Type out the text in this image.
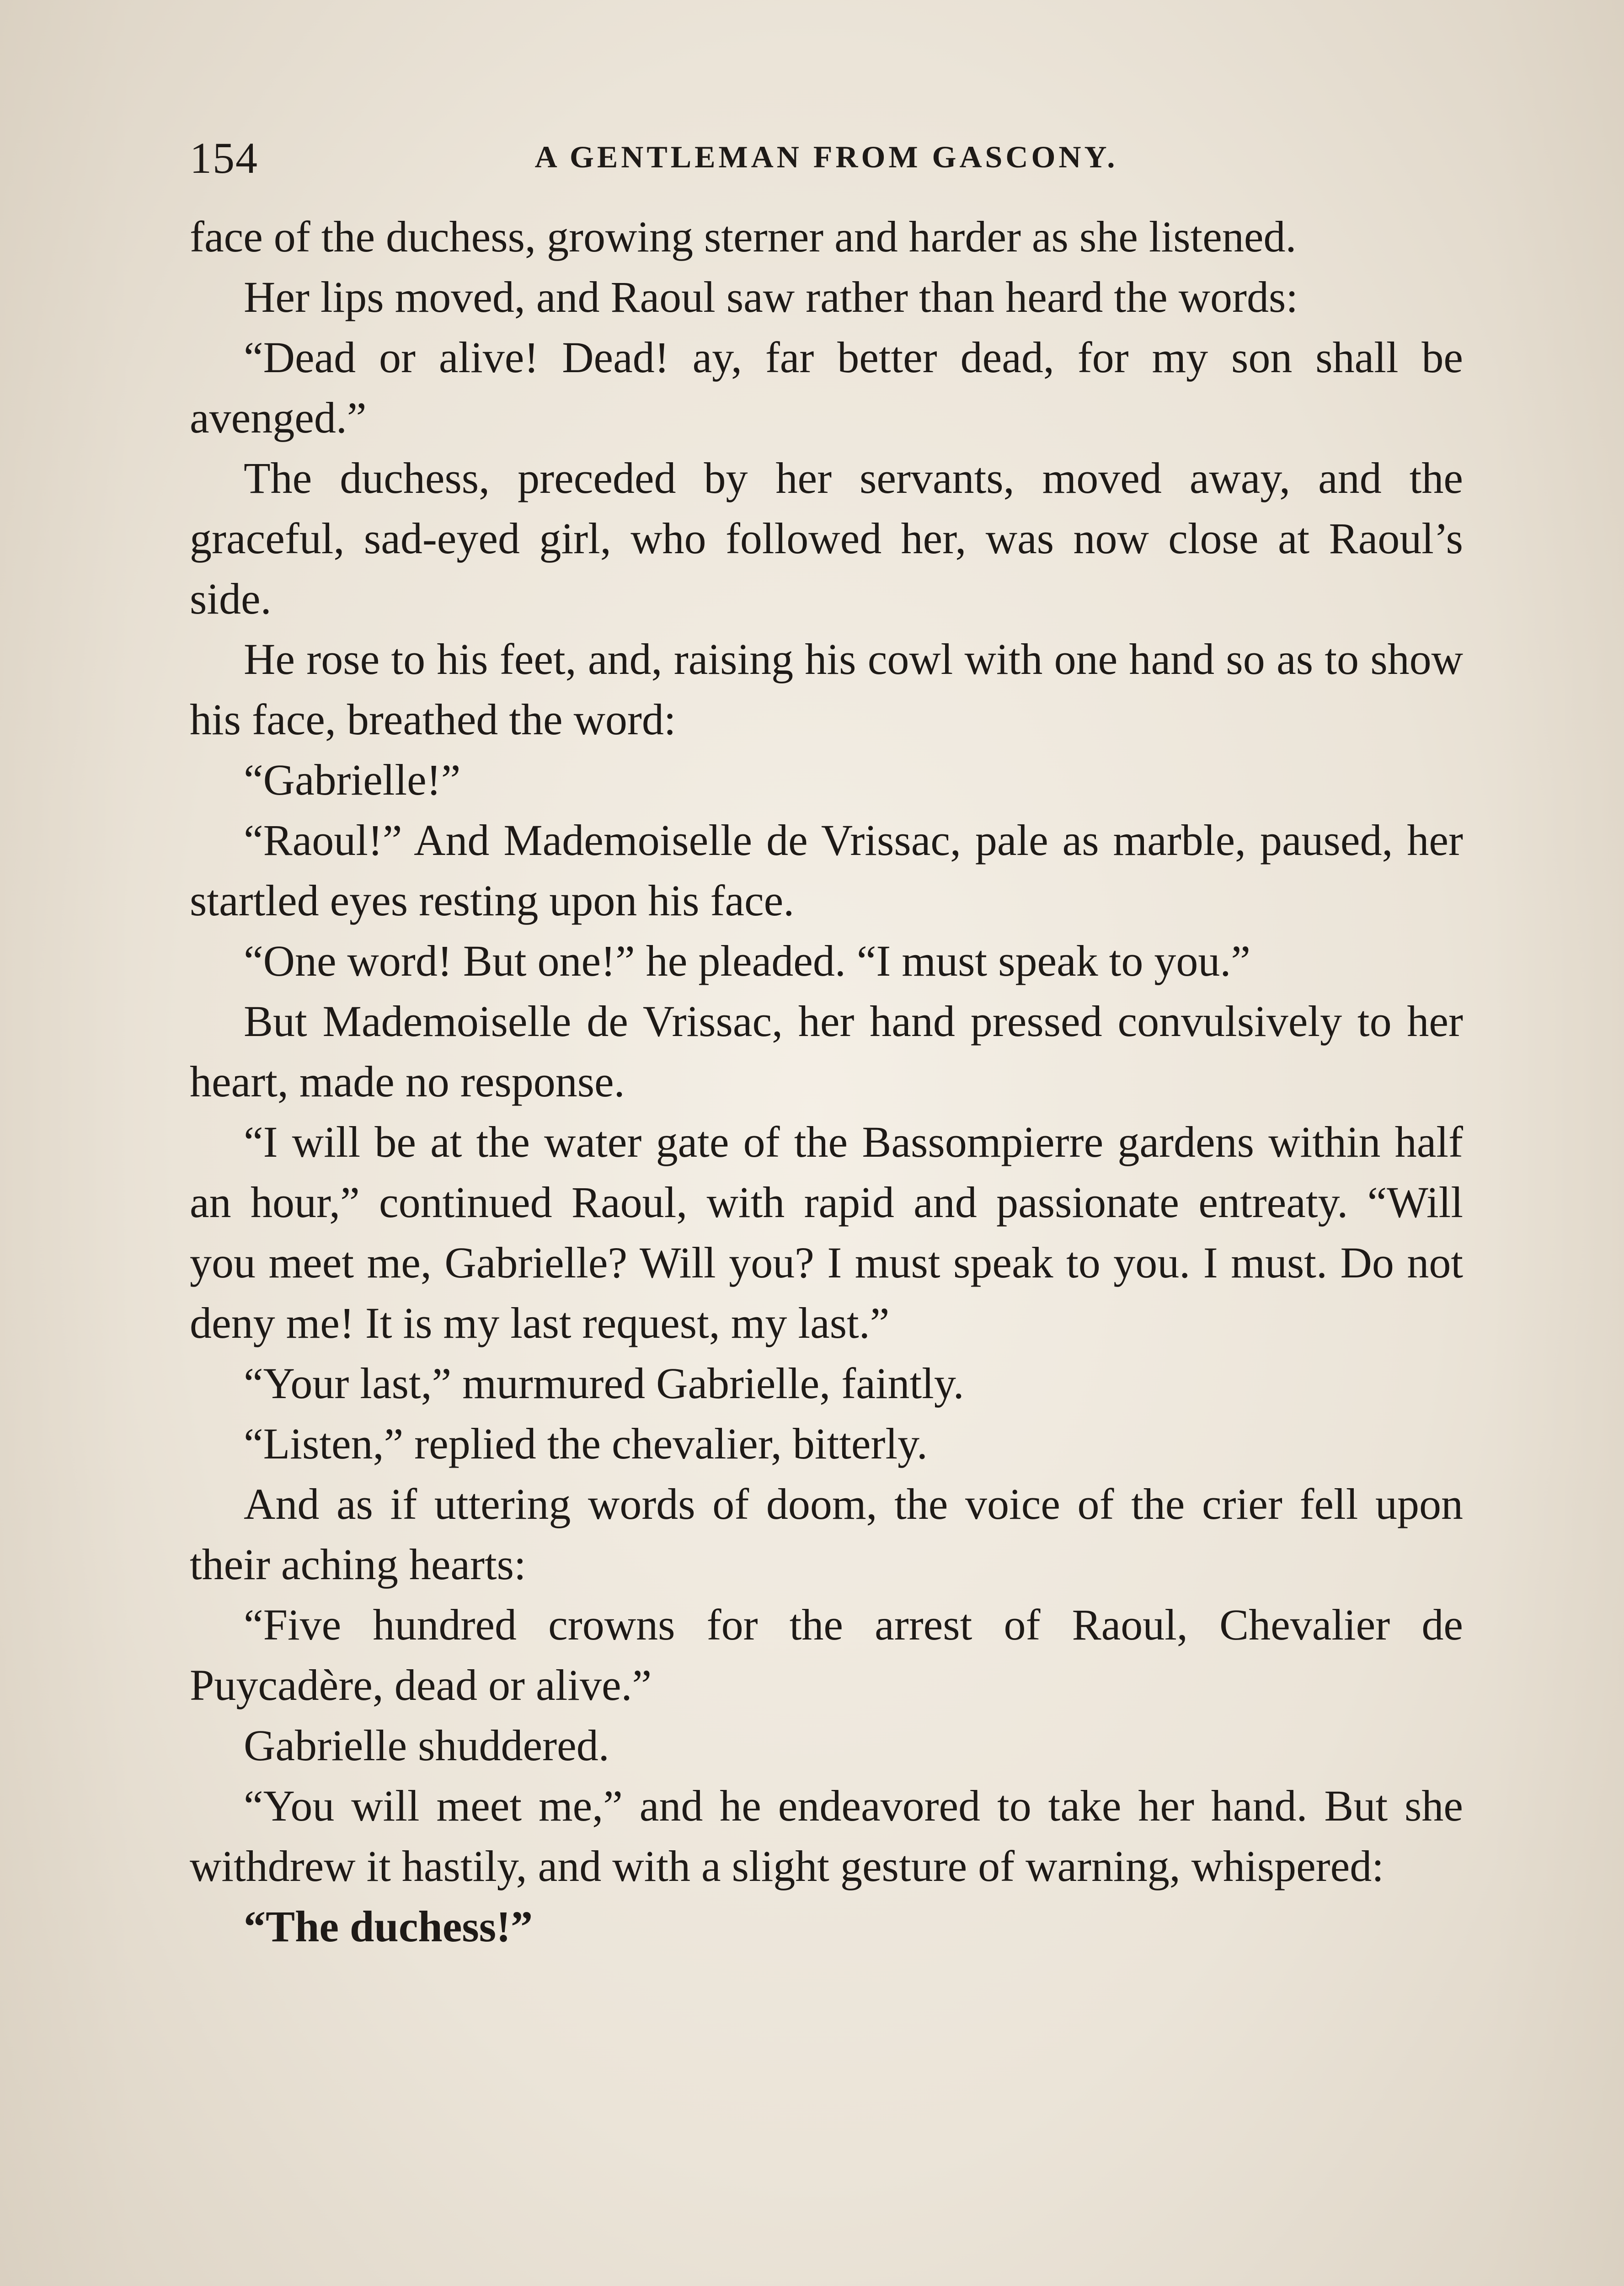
154	A GENTLEMAN FROM GASCONY.

face of the duchess, growing sterner and harder as she listened.

Her lips moved, and Raoul saw rather than heard the words:

“Dead or alive! Dead! ay, far better dead, for my son shall be avenged.”

The duchess, preceded by her servants, moved away, and the graceful, sad-eyed girl, who followed her, was now close at Raoul’s side.

He rose to his feet, and, raising his cowl with one hand so as to show his face, breathed the word:

“Gabrielle!”

“Raoul!” And Mademoiselle de Vrissac, pale as marble, paused, her startled eyes resting upon his face.

“One word! But one!” he pleaded. “I must speak to you.”

But Mademoiselle de Vrissac, her hand pressed convulsively to her heart, made no response.

“I will be at the water gate of the Bassompierre gardens within half an hour,” continued Raoul, with rapid and passionate entreaty. “Will you meet me, Gabrielle? Will you? I must speak to you. I must. Do not deny me! It is my last request, my last.”

“Your last,” murmured Gabrielle, faintly.

“Listen,” replied the chevalier, bitterly.

And as if uttering words of doom, the voice of the crier fell upon their aching hearts:

“Five hundred crowns for the arrest of Raoul, Chevalier de Puycadère, dead or alive.”

Gabrielle shuddered.

“You will meet me,” and he endeavored to take her hand. But she withdrew it hastily, and with a slight gesture of warning, whispered:

“The duchess!”
